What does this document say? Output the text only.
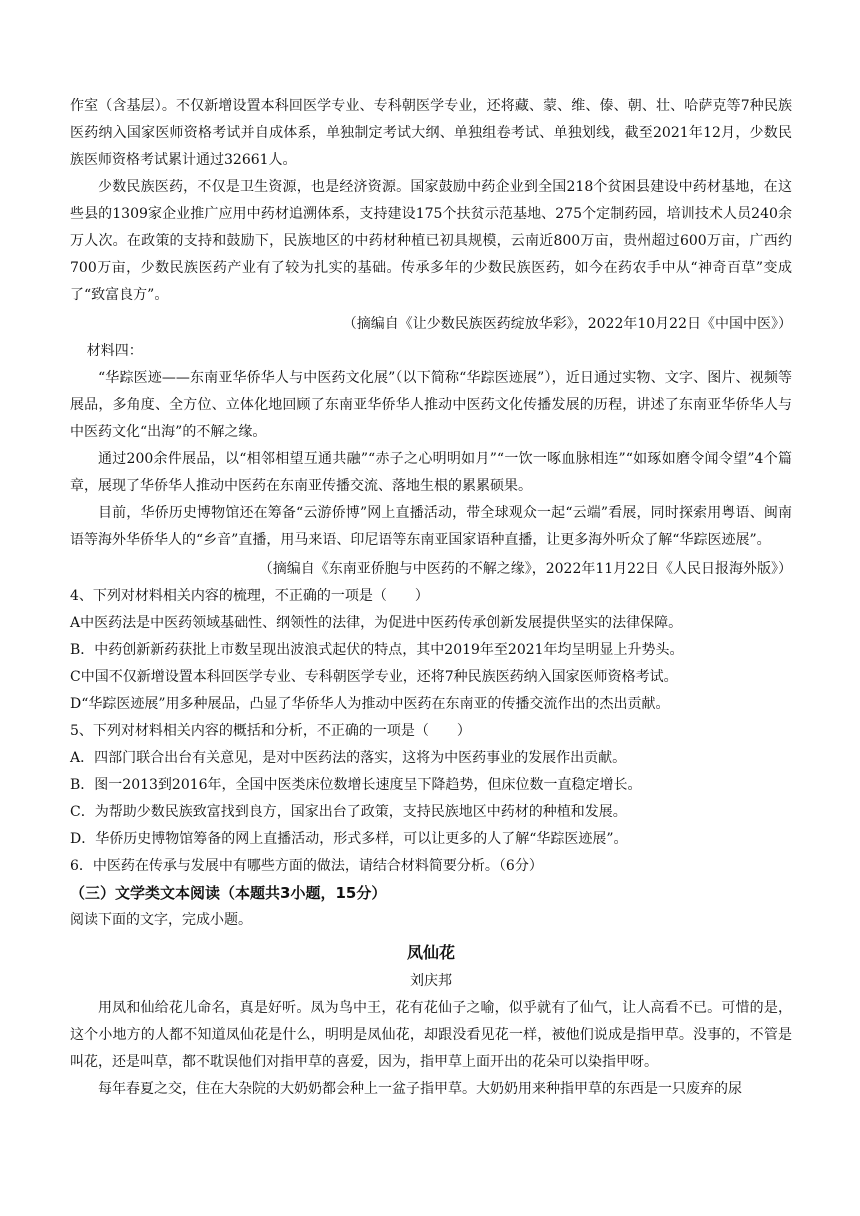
作室（含基层）。不仅新增设置本科回医学专业、专科朝医学专业，还将藏、蒙、维、傣、朝、壮、哈萨克等7种民族医药纳入国家医师资格考试并自成体系，单独制定考试大纲、单独组卷考试、单独划线，截至2021年12月，少数民族医师资格考试累计通过32661人。

少数民族医药，不仅是卫生资源，也是经济资源。国家鼓励中药企业到全国218个贫困县建设中药材基地，在这些县的1309家企业推广应用中药材追溯体系，支持建设175个扶贫示范基地、275个定制药园，培训技术人员240余万人次。在政策的支持和鼓励下，民族地区的中药材种植已初具规模，云南近800万亩，贵州超过600万亩，广西约700万亩，少数民族医药产业有了较为扎实的基础。传承多年的少数民族医药，如今在药农手中从“神奇百草”变成了“致富良方”。

（摘编自《让少数民族医药绽放华彩》，2022年10月22日《中国中医》）

材料四：

“华踪医迹——东南亚华侨华人与中医药文化展”（以下简称“华踪医迹展”），近日通过实物、文字、图片、视频等展品，多角度、全方位、立体化地回顾了东南亚华侨华人推动中医药文化传播发展的历程，讲述了东南亚华侨华人与中医药文化“出海”的不解之缘。

通过200余件展品，以“相邻相望互通共融”“赤子之心明明如月”“一饮一啄血脉相连”“如琢如磨令闻令望”4个篇章，展现了华侨华人推动中医药在东南亚传播交流、落地生根的累累硕果。

目前，华侨历史博物馆还在筹备“云游侨博”网上直播活动，带全球观众一起“云端”看展，同时探索用粤语、闽南语等海外华侨华人的“乡音”直播，用马来语、印尼语等东南亚国家语种直播，让更多海外听众了解“华踪医迹展”。

（摘编自《东南亚侨胞与中医药的不解之缘》，2022年11月22日《人民日报海外版》）

4、下列对材料相关内容的梳理，不正确的一项是（　　）

A中医药法是中医药领域基础性、纲领性的法律，为促进中医药传承创新发展提供坚实的法律保障。

B．中药创新新药获批上市数呈现出波浪式起伏的特点，其中2019年至2021年均呈明显上升势头。

C中国不仅新增设置本科回医学专业、专科朝医学专业，还将7种民族医药纳入国家医师资格考试。

D“华踪医迹展”用多种展品，凸显了华侨华人为推动中医药在东南亚的传播交流作出的杰出贡献。

5、下列对材料相关内容的概括和分析，不正确的一项是（　　）

A．四部门联合出台有关意见，是对中医药法的落实，这将为中医药事业的发展作出贡献。

B．图一2013到2016年，全国中医类床位数增长速度呈下降趋势，但床位数一直稳定增长。

C．为帮助少数民族致富找到良方，国家出台了政策，支持民族地区中药材的种植和发展。

D．华侨历史博物馆筹备的网上直播活动，形式多样，可以让更多的人了解“华踪医迹展”。

6．中医药在传承与发展中有哪些方面的做法，请结合材料简要分析。（6分）

（三）文学类文本阅读（本题共3小题，15分）

阅读下面的文字，完成小题。

凤仙花

刘庆邦

用凤和仙给花儿命名，真是好听。凤为鸟中王，花有花仙子之喻，似乎就有了仙气，让人高看不已。可惜的是，这个小地方的人都不知道凤仙花是什么，明明是凤仙花，却跟没看见花一样，被他们说成是指甲草。没事的，不管是叫花，还是叫草，都不耽误他们对指甲草的喜爱，因为，指甲草上面开出的花朵可以染指甲呀。

每年春夏之交，住在大杂院的大奶奶都会种上一盆子指甲草。大奶奶用来种指甲草的东西是一只废弃的尿
